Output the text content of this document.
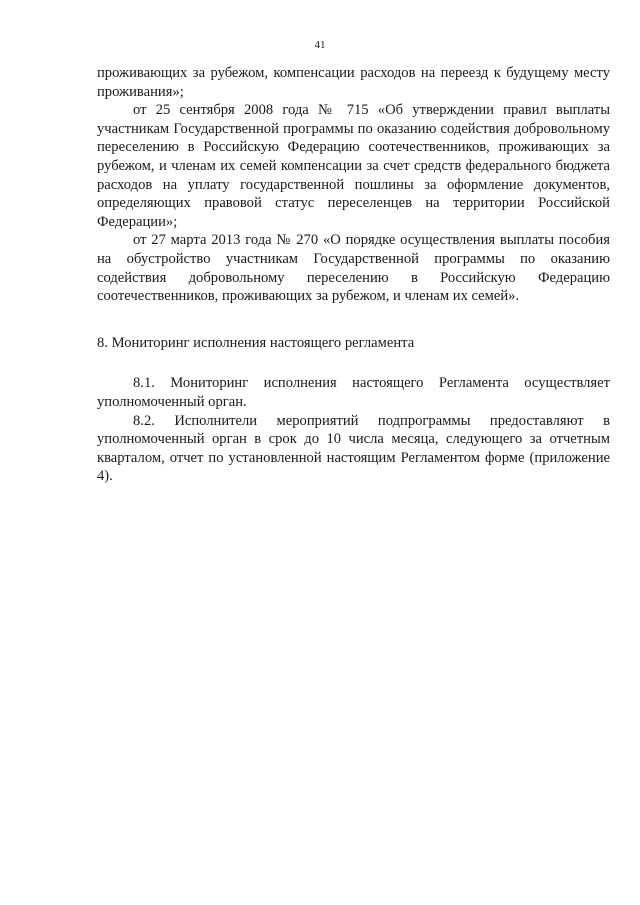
41

проживающих за рубежом, компенсации расходов на переезд к будущему месту проживания»;

от 25 сентября 2008 года № 715 «Об утверждении правил выплаты участникам Государственной программы по оказанию содействия добровольному переселению в Российскую Федерацию соотечественников, проживающих за рубежом, и членам их семей компенсации за счет средств федерального бюджета расходов на уплату государственной пошлины за оформление документов, определяющих правовой статус переселенцев на территории Российской Федерации»;

от 27 марта 2013 года № 270 «О порядке осуществления выплаты пособия на обустройство участникам Государственной программы по оказанию содействия добровольному переселению в Российскую Федерацию соотечественников, проживающих за рубежом, и членам их семей».

8. Мониторинг исполнения настоящего регламента

8.1. Мониторинг исполнения настоящего Регламента осуществляет уполномоченный орган.

8.2. Исполнители мероприятий подпрограммы предоставляют в уполномоченный орган в срок до 10 числа месяца, следующего за отчетным кварталом, отчет по установленной настоящим Регламентом форме (приложение 4).
